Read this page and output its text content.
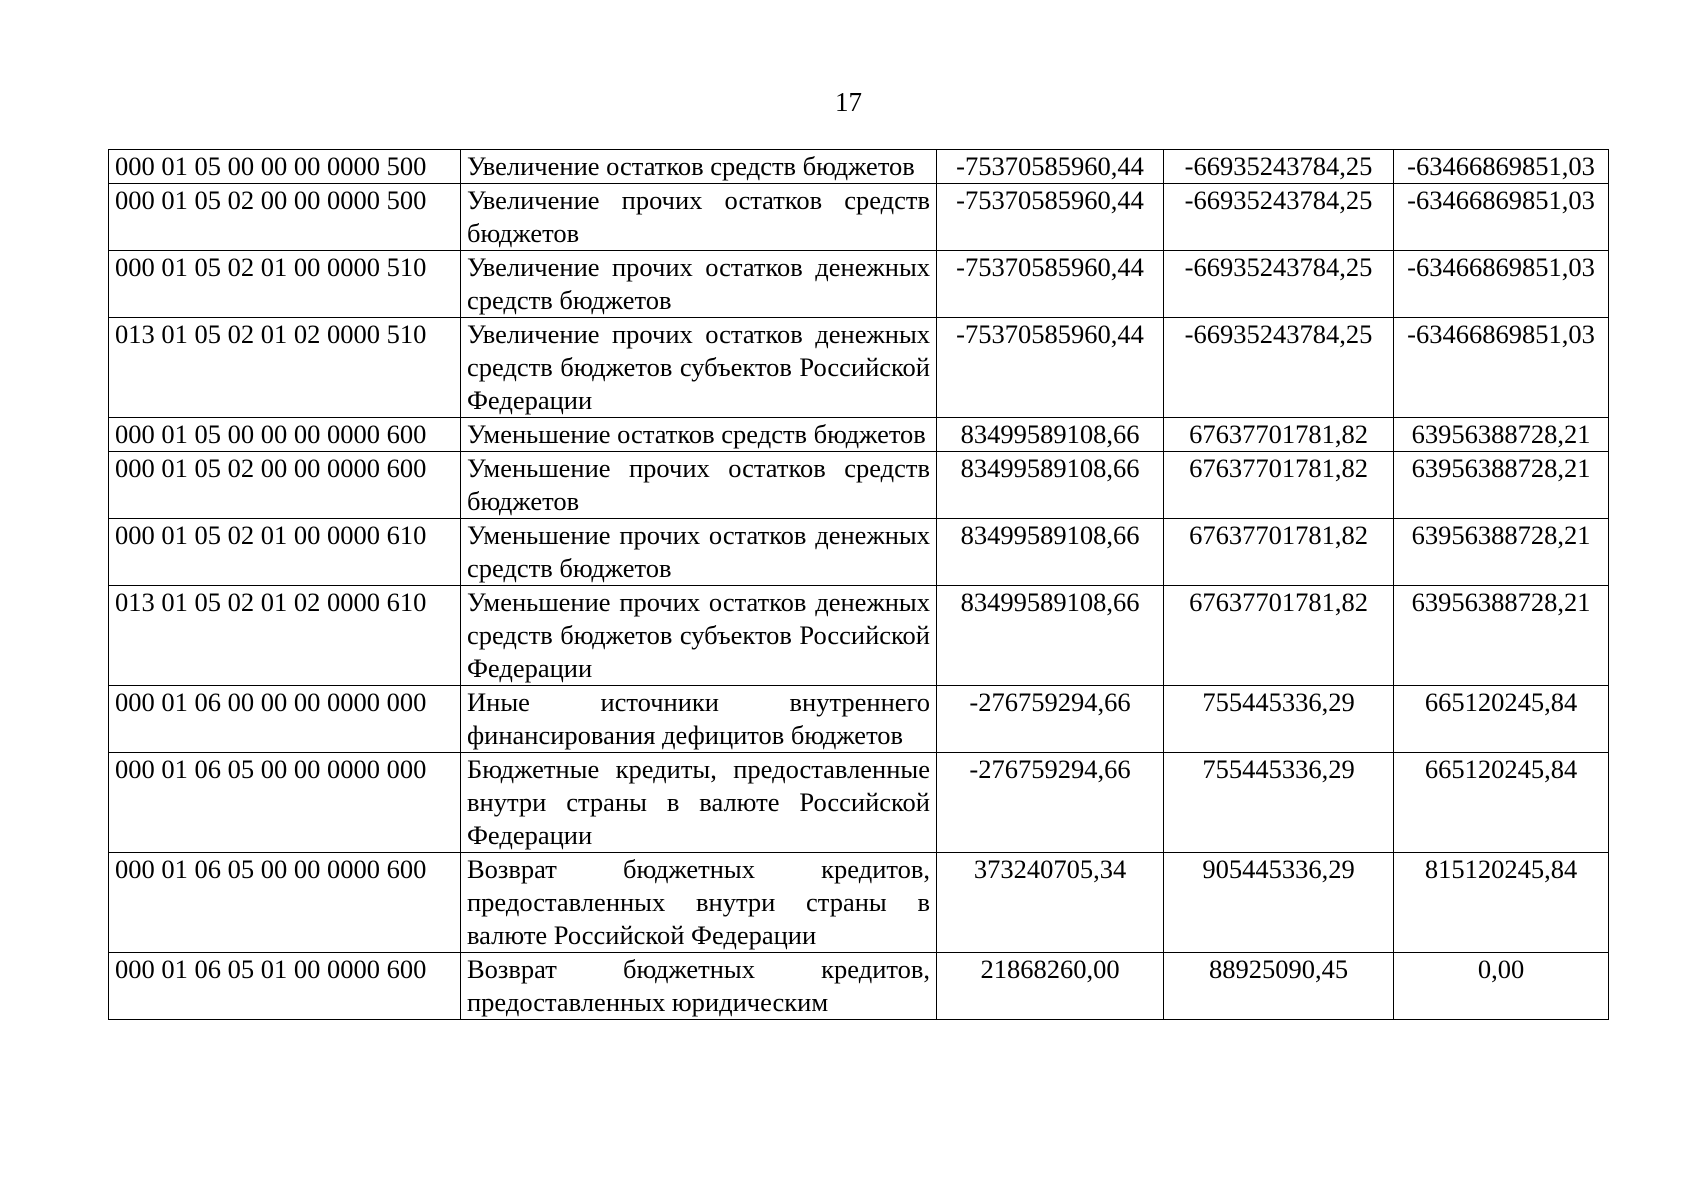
17
000 01 05 00 00 00 0000 500	Увеличение остатков средств бюджетов	-75370585960,44	-66935243784,25	-63466869851,03
000 01 05 02 00 00 0000 500	Увеличение прочих остатков средств бюджетов	-75370585960,44	-66935243784,25	-63466869851,03
000 01 05 02 01 00 0000 510	Увеличение прочих остатков денежных средств бюджетов	-75370585960,44	-66935243784,25	-63466869851,03
013 01 05 02 01 02 0000 510	Увеличение прочих остатков денежных средств бюджетов субъектов Российской Федерации	-75370585960,44	-66935243784,25	-63466869851,03
000 01 05 00 00 00 0000 600	Уменьшение остатков средств бюджетов	83499589108,66	67637701781,82	63956388728,21
000 01 05 02 00 00 0000 600	Уменьшение прочих остатков средств бюджетов	83499589108,66	67637701781,82	63956388728,21
000 01 05 02 01 00 0000 610	Уменьшение прочих остатков денежных средств бюджетов	83499589108,66	67637701781,82	63956388728,21
013 01 05 02 01 02 0000 610	Уменьшение прочих остатков денежных средств бюджетов субъектов Российской Федерации	83499589108,66	67637701781,82	63956388728,21
000 01 06 00 00 00 0000 000	Иные источники внутреннего финансирования дефицитов бюджетов	-276759294,66	755445336,29	665120245,84
000 01 06 05 00 00 0000 000	Бюджетные кредиты, предоставленные внутри страны в валюте Российской Федерации	-276759294,66	755445336,29	665120245,84
000 01 06 05 00 00 0000 600	Возврат бюджетных кредитов, предоставленных внутри страны в валюте Российской Федерации	373240705,34	905445336,29	815120245,84
000 01 06 05 01 00 0000 600	Возврат бюджетных кредитов, предоставленных юридическим	21868260,00	88925090,45	0,00
